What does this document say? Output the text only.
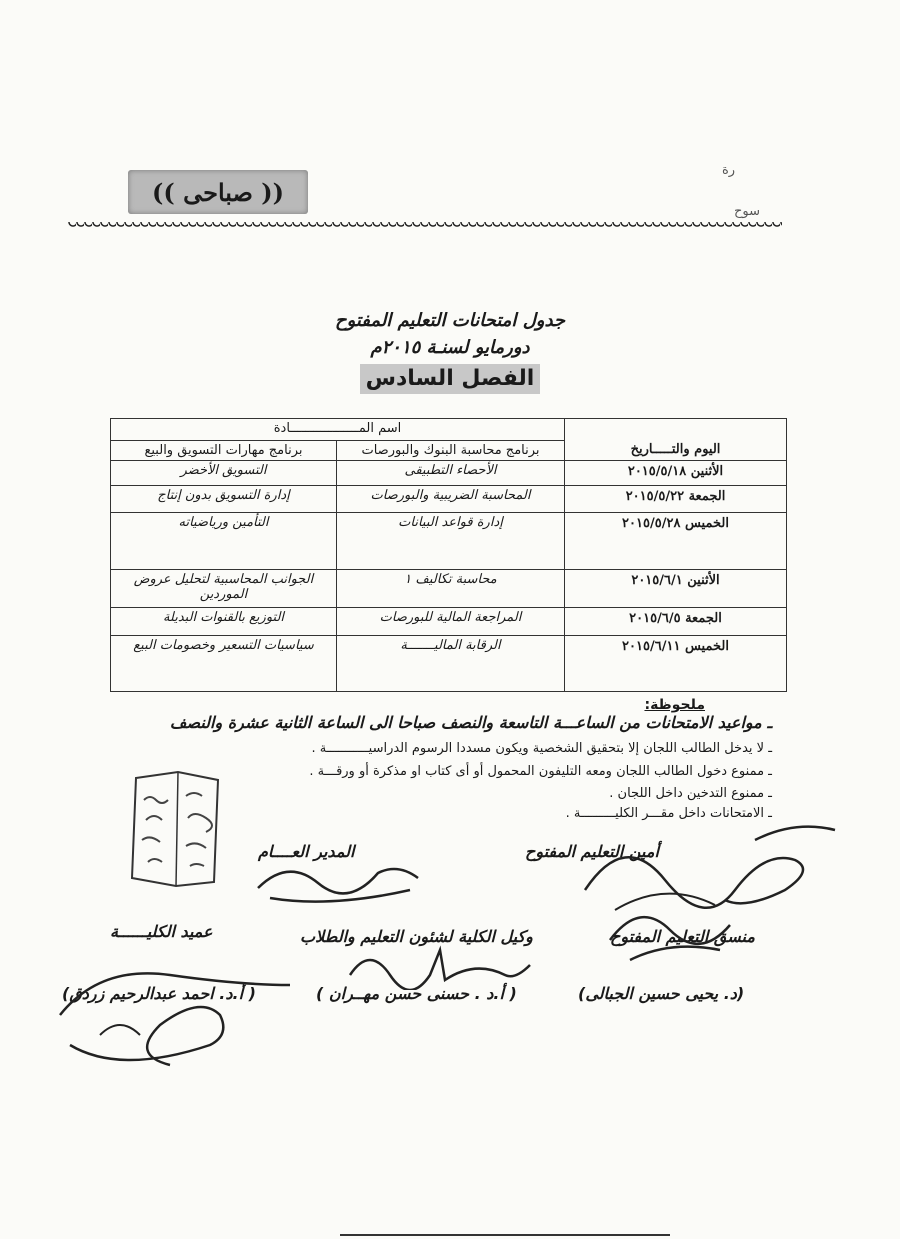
رة
سوح
(( صباحى ))
جدول امتحانات التعليم المفتوح
دورمايو لسنـة ٢٠١٥م
الفصل السادس
اليوم والتـــــاريخ	اسم المــــــــــــــــــادة	
	برنامج محاسبة البنوك والبورصات	برنامج مهارات التسويق والبيع
الأثنين ٢٠١٥/٥/١٨	الأحصاء التطبيقى	التسويق الأخضر
الجمعة ٢٠١٥/٥/٢٢	المحاسبة الضريبية والبورصات	إدارة التسويق بدون إنتاج
الخميس ٢٠١٥/٥/٢٨	إدارة قواعد البيانات	التأمين ورياضياته
الأثنين ٢٠١٥/٦/١	محاسبة تكاليف ١	الجوانب المحاسبية لتحليل عروض الموردين
الجمعة ٢٠١٥/٦/٥	المراجعة المالية للبورصات	التوزيع بالقنوات البديلة
الخميس ٢٠١٥/٦/١١	الرقابة الماليـــــــة	سياسيات التسعير وخصومات البيع
ملحوظة:
ـ مواعيد الامتحانات من الساعـــة التاسعة والنصف صباحا الى الساعة الثانية عشرة والنصف
ـ لا يدخل الطالب اللجان إلا بتحقيق الشخصية ويكون مسددا الرسوم الدراسيـــــــــــة .
ـ ممنوع دخول الطالب اللجان ومعه التليفون المحمول أو أى كتاب او مذكرة أو ورقـــة .
ـ ممنوع التدخين داخل اللجان .
ـ الامتحانات داخل مقـــر الكليـــــــــة .
أمين التعليم المفتوح
المدير العــــام
منسق التعليم المفتوح
وكيل الكلية لشئون التعليم والطلاب
عميد الكليــــــة
(د. يحيى حسين الجبالى)
( أ.د . حسنى حسن مهــران )
( أ.د. احمد عبدالرحيم زردق)
